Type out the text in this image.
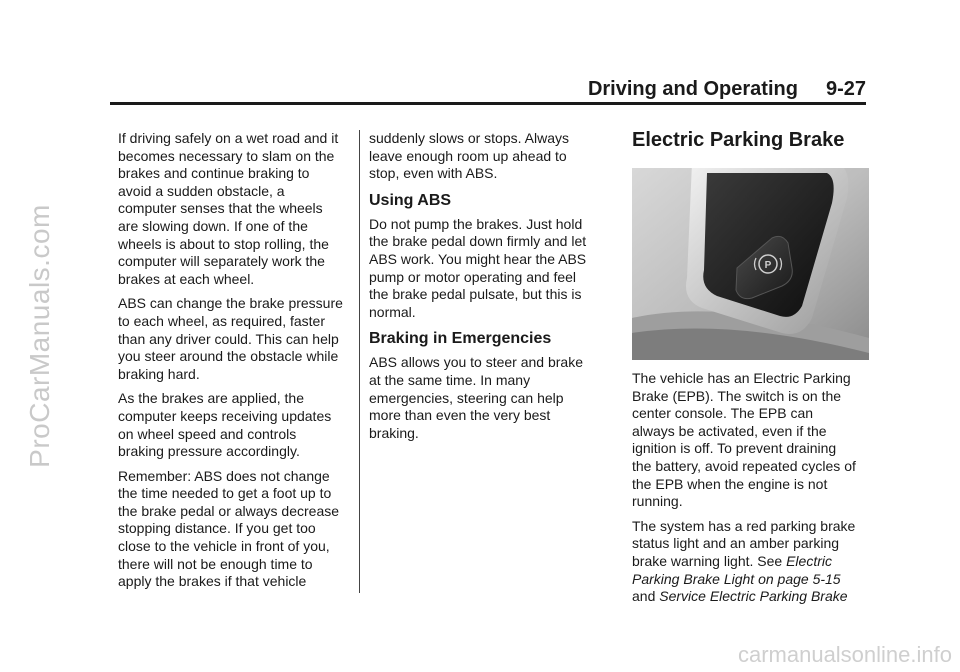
ProCarManuals.com
carmanualsonline.info
Driving and Operating 9-27

If driving safely on a wet road and it
becomes necessary to slam on the
brakes and continue braking to
avoid a sudden obstacle, a
computer senses that the wheels
are slowing down. If one of the
wheels is about to stop rolling, the
computer will separately work the
brakes at each wheel.

ABS can change the brake pressure
to each wheel, as required, faster
than any driver could. This can help
you steer around the obstacle while
braking hard.

As the brakes are applied, the
computer keeps receiving updates
on wheel speed and controls
braking pressure accordingly.

Remember: ABS does not change
the time needed to get a foot up to
the brake pedal or always decrease
stopping distance. If you get too
close to the vehicle in front of you,
there will not be enough time to
apply the brakes if that vehicle

suddenly slows or stops. Always
leave enough room up ahead to
stop, even with ABS.

Using ABS

Do not pump the brakes. Just hold
the brake pedal down firmly and let
ABS work. You might hear the ABS
pump or motor operating and feel
the brake pedal pulsate, but this is
normal.

Braking in Emergencies

ABS allows you to steer and brake
at the same time. In many
emergencies, steering can help
more than even the very best
braking.

Electric Parking Brake
P

The vehicle has an Electric Parking
Brake (EPB). The switch is on the
center console. The EPB can
always be activated, even if the
ignition is off. To prevent draining
the battery, avoid repeated cycles of
the EPB when the engine is not
running.

The system has a red parking brake
status light and an amber parking
brake warning light. See Electric
Parking Brake Light on page 5-15
and Service Electric Parking Brake
